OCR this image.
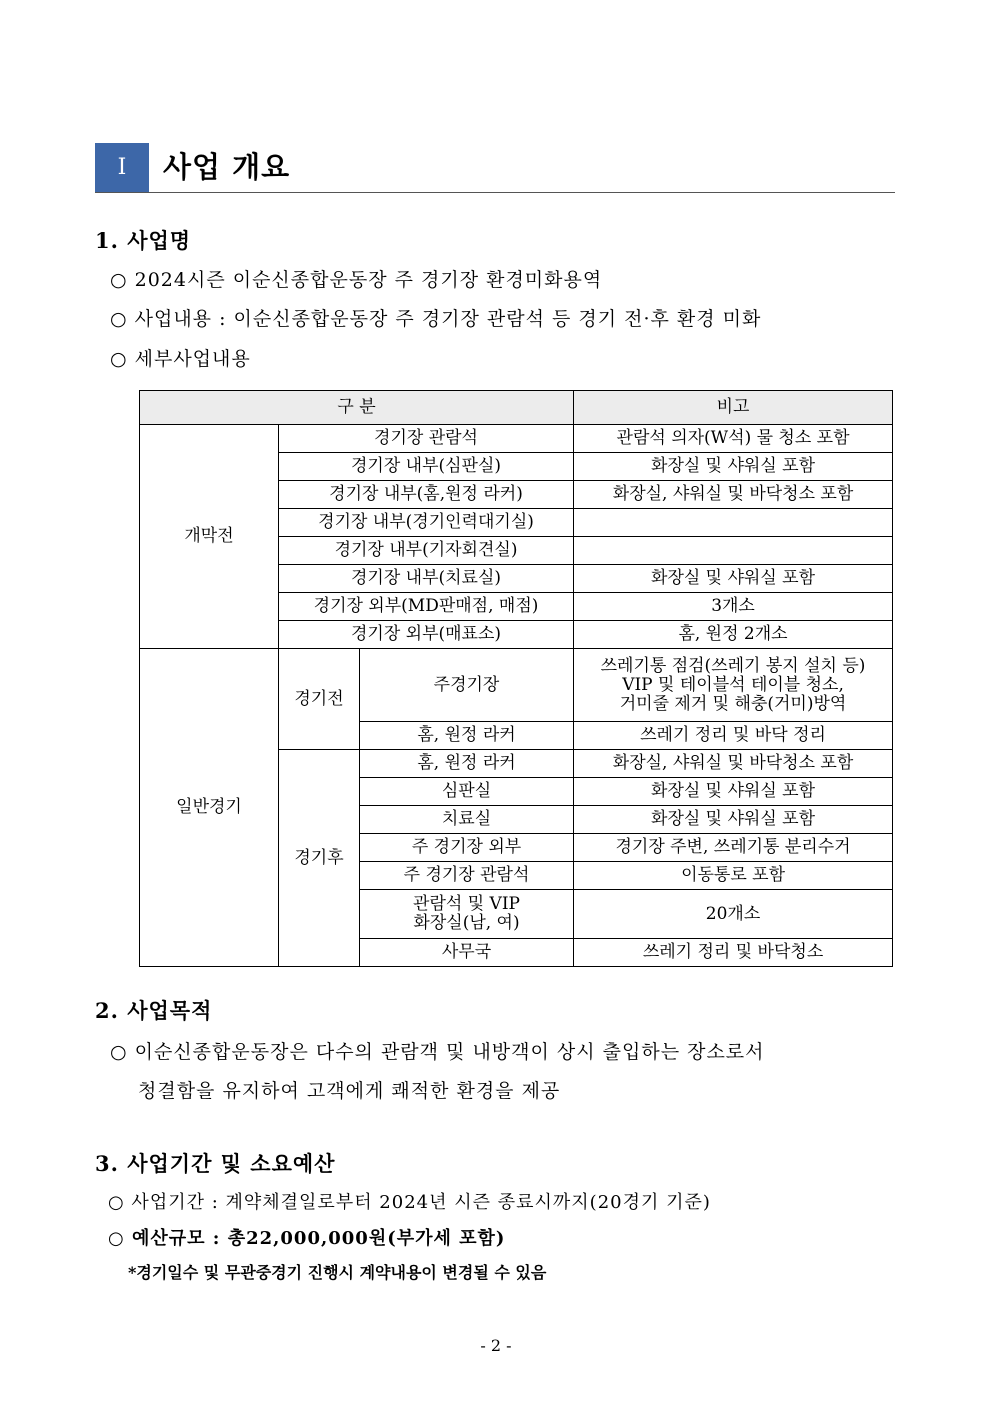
Ⅰ	사업 개요
1. 사업명
○ 2024시즌 이순신종합운동장 주 경기장 환경미화용역
○ 사업내용 : 이순신종합운동장 주 경기장 관람석 등 경기 전·후 환경 미화
○ 세부사업내용
구 분			비고
개막전	경기장 관람석		관람석 의자(W석) 물 청소 포함
	경기장 내부(심판실)		화장실 및 샤워실 포함
	경기장 내부(홈,원정 라커)		화장실, 샤워실 및 바닥청소 포함
	경기장 내부(경기인력대기실)		
	경기장 내부(기자회견실)		
	경기장 내부(치료실)		화장실 및 샤워실 포함
	경기장 외부(MD판매점, 매점)		3개소
	경기장 외부(매표소)		홈, 원정 2개소
일반경기	경기전	주경기장	쓰레기통 점검(쓰레기 봉지 설치 등)
VIP 및 테이블석 테이블 청소,
거미줄 제거 및 해충(거미)방역
		홈, 원정 라커	쓰레기 정리 및 바닥 정리
	경기후	홈, 원정 라커	화장실, 샤워실 및 바닥청소 포함
		심판실	화장실 및 샤워실 포함
		치료실	화장실 및 샤워실 포함
		주 경기장 외부	경기장 주변, 쓰레기통 분리수거
		주 경기장 관람석	이동통로 포함
		관람석 및 VIP
화장실(남, 여)	20개소
		사무국	쓰레기 정리 및 바닥청소
2. 사업목적
○ 이순신종합운동장은 다수의 관람객 및 내방객이 상시 출입하는 장소로서
청결함을 유지하여 고객에게 쾌적한 환경을 제공
3. 사업기간 및 소요예산
○ 사업기간 : 계약체결일로부터 2024년 시즌 종료시까지(20경기 기준)
○ 예산규모 : 총22,000,000원(부가세 포함)
*경기일수 및 무관중경기 진행시 계약내용이 변경될 수 있음
- 2 -
